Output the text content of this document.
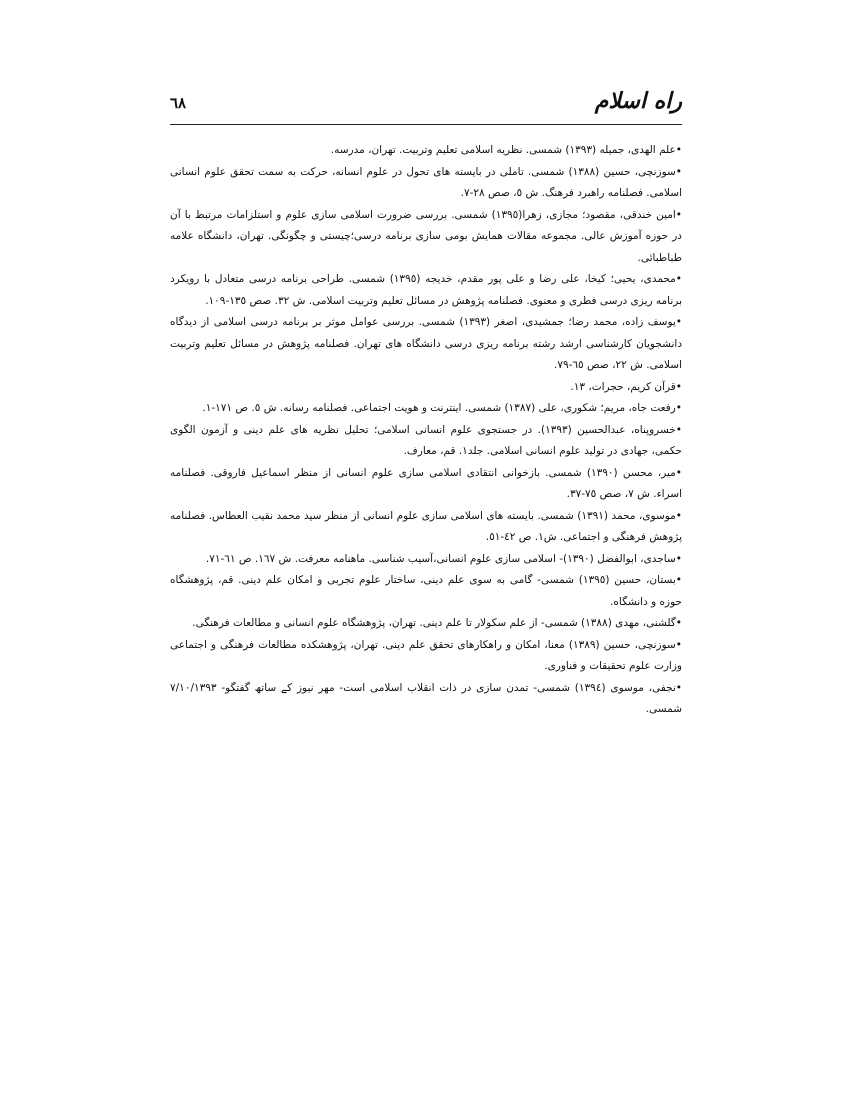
راه اسلام
٦٨
•علم الهدی، جمیله (١٣٩٣) شمسی. نظریه اسلامی تعلیم وتربیت. تهران، مدرسه.
•سوزنچی، حسین (١٣٨٨) شمسی. تاملی در بایسته های تحول در علوم انسانه، حرکت به سمت تحقق علوم انسانی اسلامی. فصلنامه راهبرد فرهنگ. ش ٥، صص ٢٨-٧.
•امین خندقی، مقصود؛ مجازی، زهرا(١٣٩٥) شمسی. بررسی ضرورت اسلامی سازی علوم و استلزامات مرتبط با آن در حوزه آموزش عالی. مجموعه مقالات همایش بومی سازی برنامه درسی؛چیستی و چگونگی. تهران، دانشگاه علامه طباطبائی.
•محمدی، یحیی؛ کیخا، علی رضا و علی پور مقدم، خدیجه (١٣٩٥) شمسی. طراحی برنامه درسی متعادل با رویکرد برنامه ریزی درسی فطری و معنوی. فصلنامه پژوهش در مسائل تعلیم وتربیت اسلامی. ش ٣٢. صص ١٣٥-١٠٩.
•یوسف زاده، محمد رضا؛ جمشیدی، اصغر (١٣٩٣) شمسی. بررسی عوامل موثر بر برنامه درسی اسلامی از دیدگاه دانشجویان کارشناسی ارشد رشته برنامه ریزی درسی دانشگاه های تهران. فصلنامه پژوهش در مسائل تعلیم وتربیت اسلامی. ش ٢٢، صص ٦٥-٧٩.
•قرآن کریم، حجرات، ١٣.
•رفعت جاه، مریم؛ شکوری، علی (١٣٨٧) شمسی. اینترنت و هویت اجتماعی. فصلنامه رسانه. ش ٥. ص ١٧١-١.
•خسروپناه، عبدالحسین (١٣٩٣). در جستجوی علوم انسانی اسلامی؛ تحلیل نظریه های علم دینی و آزمون الگوی حکمی، جهادی در تولید علوم انسانی اسلامی. جلد١. قم، معارف.
•میر، محسن (١٣٩٠) شمسی. بازخوانی انتقادی اسلامی سازی علوم انسانی از منظر اسماعیل فاروقی. فصلنامه اسراء. ش ٧، صص ٧٥-٣٧.
•موسوی، محمد (١٣٩١) شمسی. بایسته های اسلامی سازی علوم انسانی از منظر سید محمد نقیب العطاس. فصلنامه پژوهش فرهنگی و اجتماعی. ش١. ص ٤٢-٥١.
•ساجدی، ابوالفضل (١٣٩٠)- اسلامی سازی علوم انسانی،آسیب شناسی. ماهنامه معرفت. ش ١٦٧. ص ٦١-٧١.
•بستان، حسین (١٣٩٥) شمسی- گامی به سوی علم دینی، ساختار علوم تجربی و امکان علم دینی. قم، پژوهشگاه حوزه و دانشگاه.
•گلشنی، مهدی (١٣٨٨) شمسی- از علم سکولار تا علم دینی. تهران، پژوهشگاه علوم انسانی و مطالعات فرهنگی.
•سوزنچی، حسین (١٣٨٩) معنا، امکان و راهکارهای تحقق علم دینی. تهران، پژوهشکده مطالعات فرهنگی و اجتماعی وزارت علوم تحقیقات و فناوری.
•نجفی، موسوی (١٣٩٤) شمسی- تمدن سازی در ذات انقلاب اسلامی است- مهر نیوز کے ساتھ گفتگو- ٧/١٠/١٣٩٣ شمسی.
